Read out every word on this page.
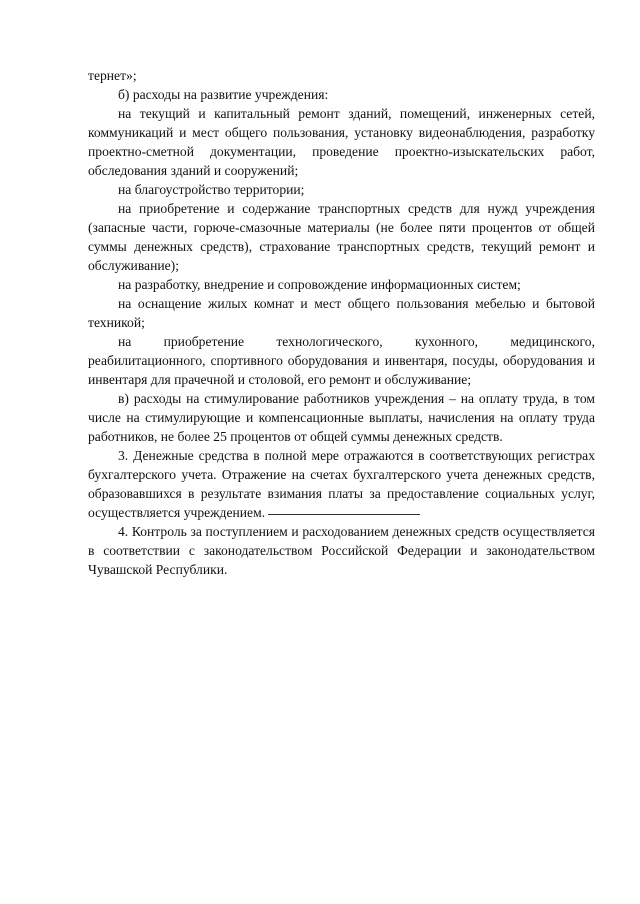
тернет»;

б) расходы на развитие учреждения:

на текущий и капитальный ремонт зданий, помещений, инженерных сетей, коммуникаций и мест общего пользования, установку видеонаблюдения, разработку проектно-сметной документации, проведение проектно-изыскательских работ, обследования зданий и сооружений;

на благоустройство территории;

на приобретение и содержание транспортных средств для нужд учреждения (запасные части, горюче-смазочные материалы (не более пяти процентов от общей суммы денежных средств), страхование транспортных средств, текущий ремонт и обслуживание);

на разработку, внедрение и сопровождение информационных систем;

на оснащение жилых комнат и мест общего пользования мебелью и бытовой техникой;

на приобретение технологического, кухонного, медицинского, реабилитационного, спортивного оборудования и инвентаря, посуды, оборудования и инвентаря для прачечной и столовой, его ремонт и обслуживание;

в) расходы на стимулирование работников учреждения – на оплату труда, в том числе на стимулирующие и компенсационные выплаты, начисления на оплату труда работников, не более 25 процентов от общей суммы денежных средств.

3. Денежные средства в полной мере отражаются в соответствующих регистрах бухгалтерского учета. Отражение на счетах бухгалтерского учета денежных средств, образовавшихся в результате взимания платы за предоставление социальных услуг, осуществляется учреждением.

4. Контроль за поступлением и расходованием денежных средств осуществляется в соответствии с законодательством Российской Федерации и законодательством Чувашской Республики.
